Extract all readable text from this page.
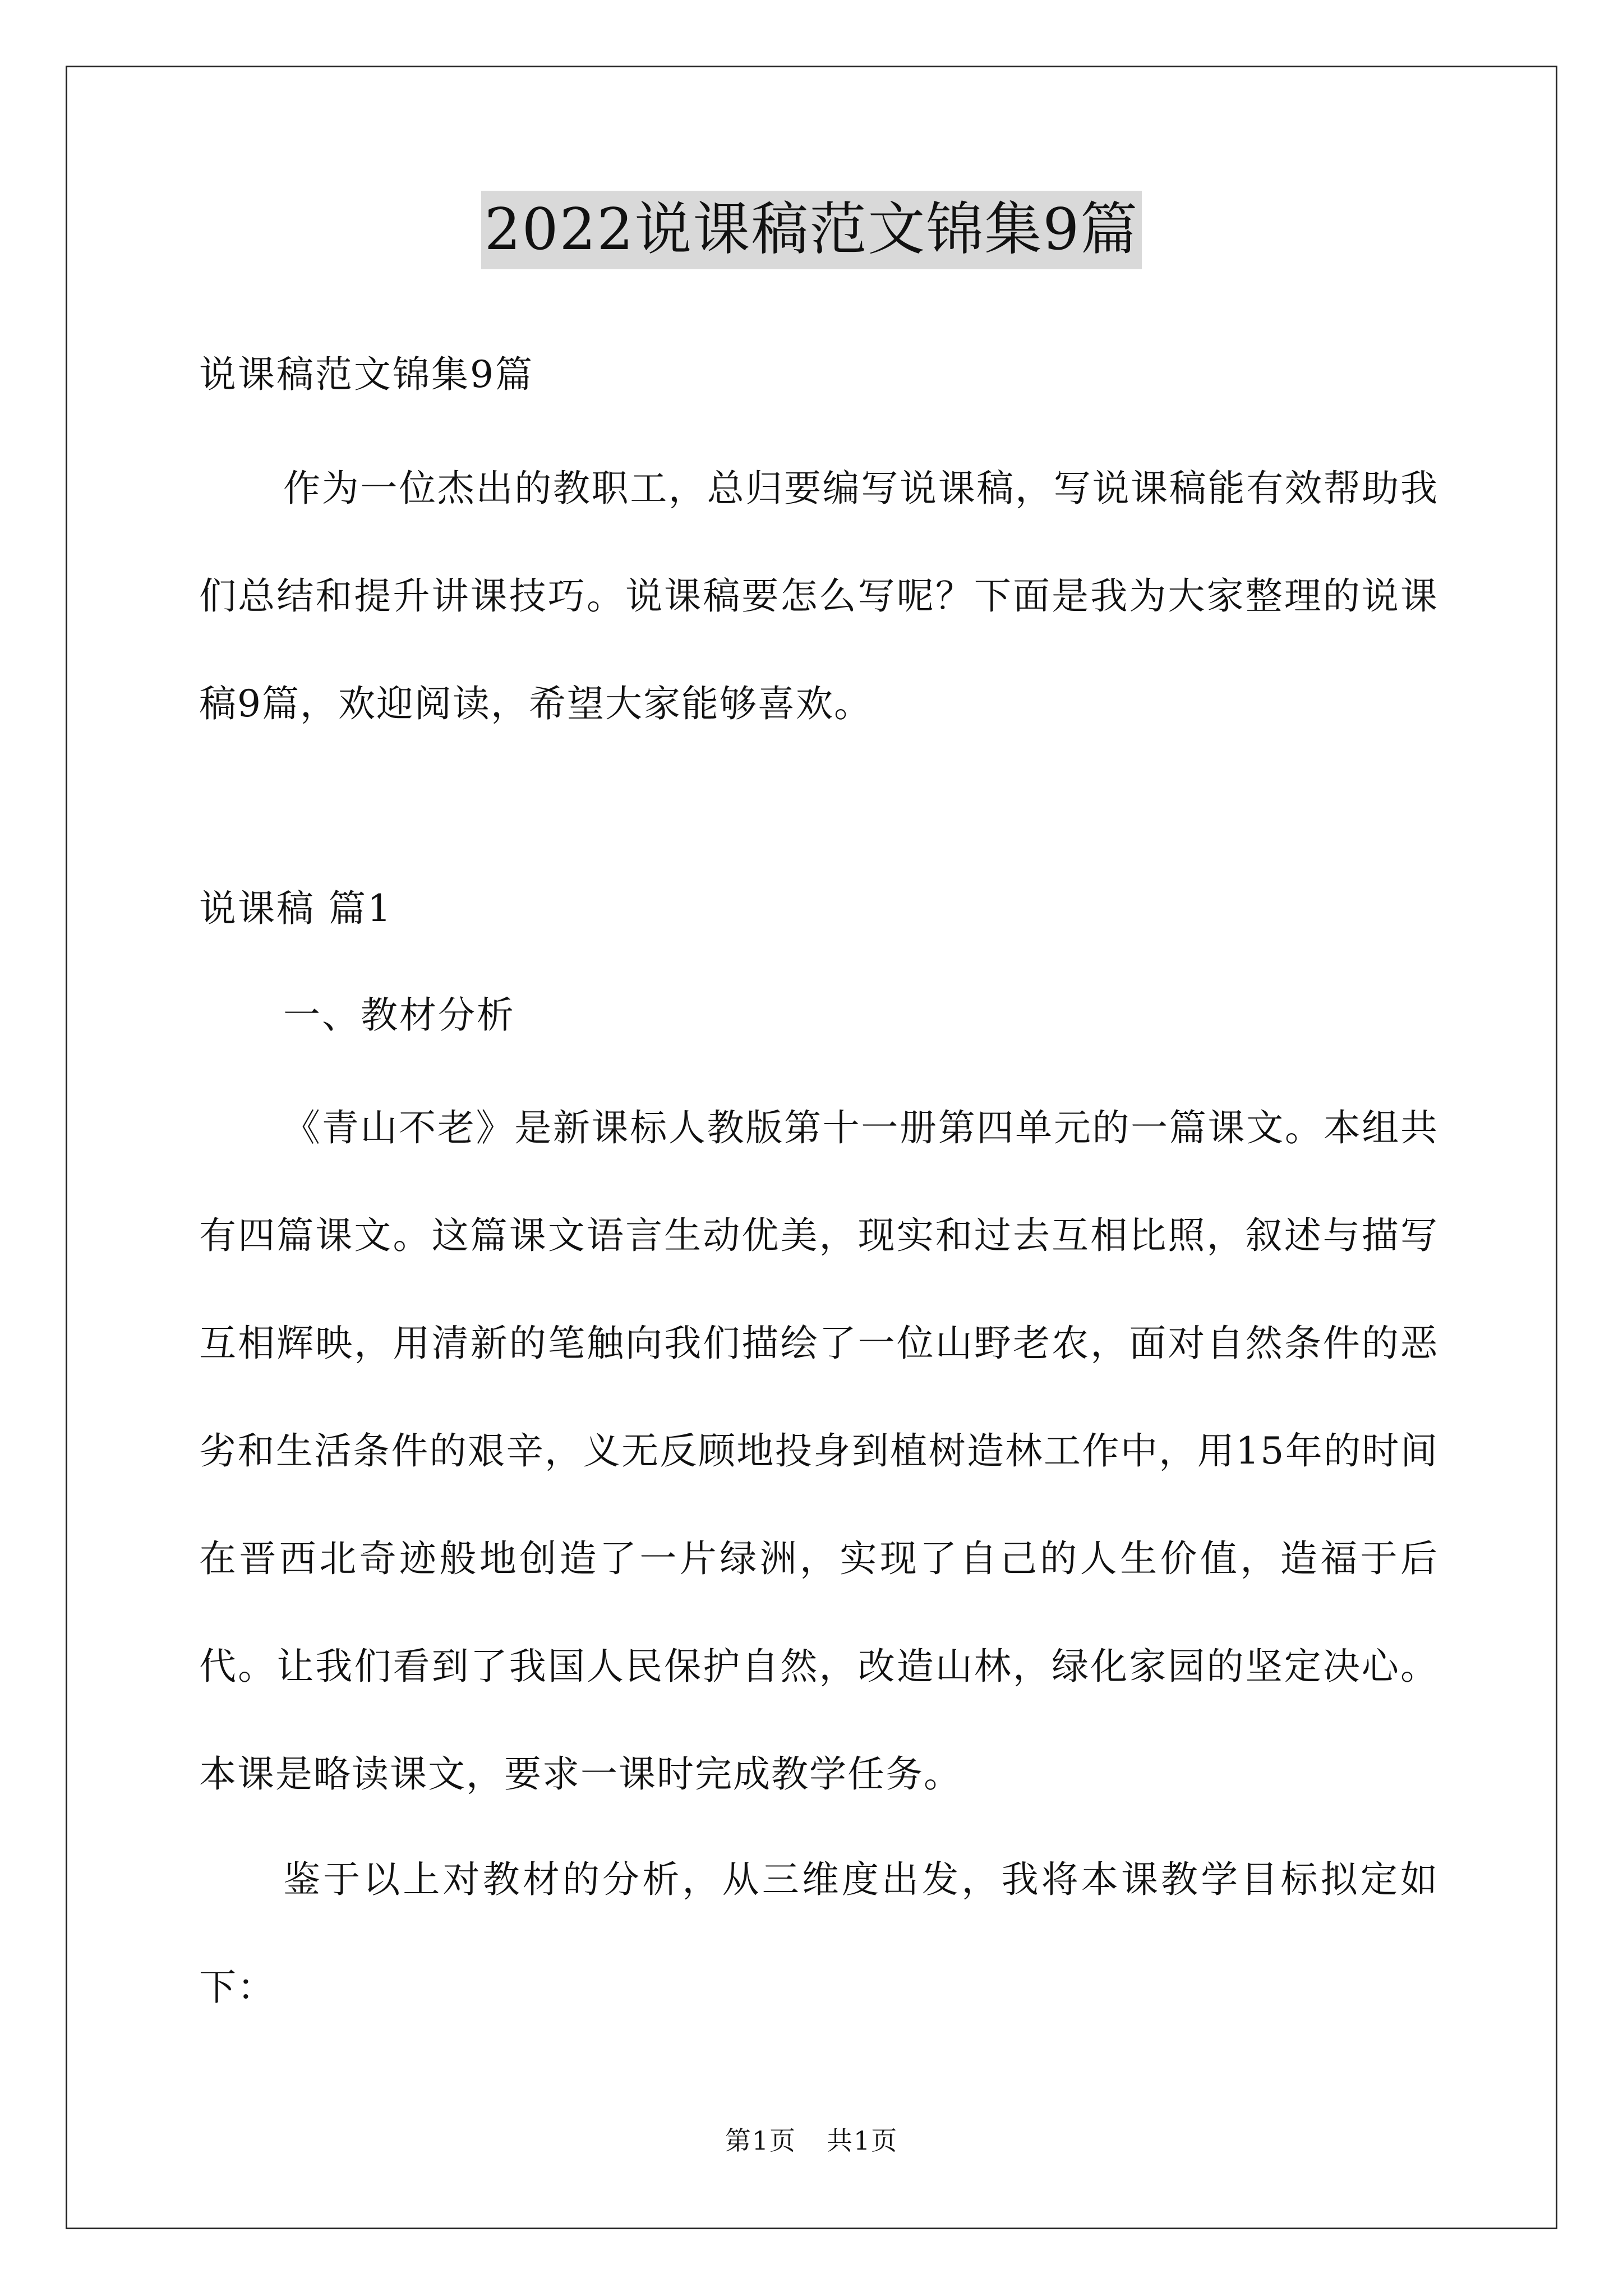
2022说课稿范文锦集9篇
说课稿范文锦集9篇
作为一位杰出的教职工，总归要编写说课稿，写说课稿能有效帮助我们总结和提升讲课技巧。说课稿要怎么写呢？下面是我为大家整理的说课稿9篇，欢迎阅读，希望大家能够喜欢。
说课稿 篇1
一、教材分析
《青山不老》是新课标人教版第十一册第四单元的一篇课文。本组共有四篇课文。这篇课文语言生动优美，现实和过去互相比照，叙述与描写互相辉映，用清新的笔触向我们描绘了一位山野老农，面对自然条件的恶劣和生活条件的艰辛，义无反顾地投身到植树造林工作中，用15年的时间在晋西北奇迹般地创造了一片绿洲，实现了自己的人生价值，造福于后代。让我们看到了我国人民保护自然，改造山林，绿化家园的坚定决心。本课是略读课文，要求一课时完成教学任务。
鉴于以上对教材的分析，从三维度出发，我将本课教学目标拟定如下：
第1页 共1页
